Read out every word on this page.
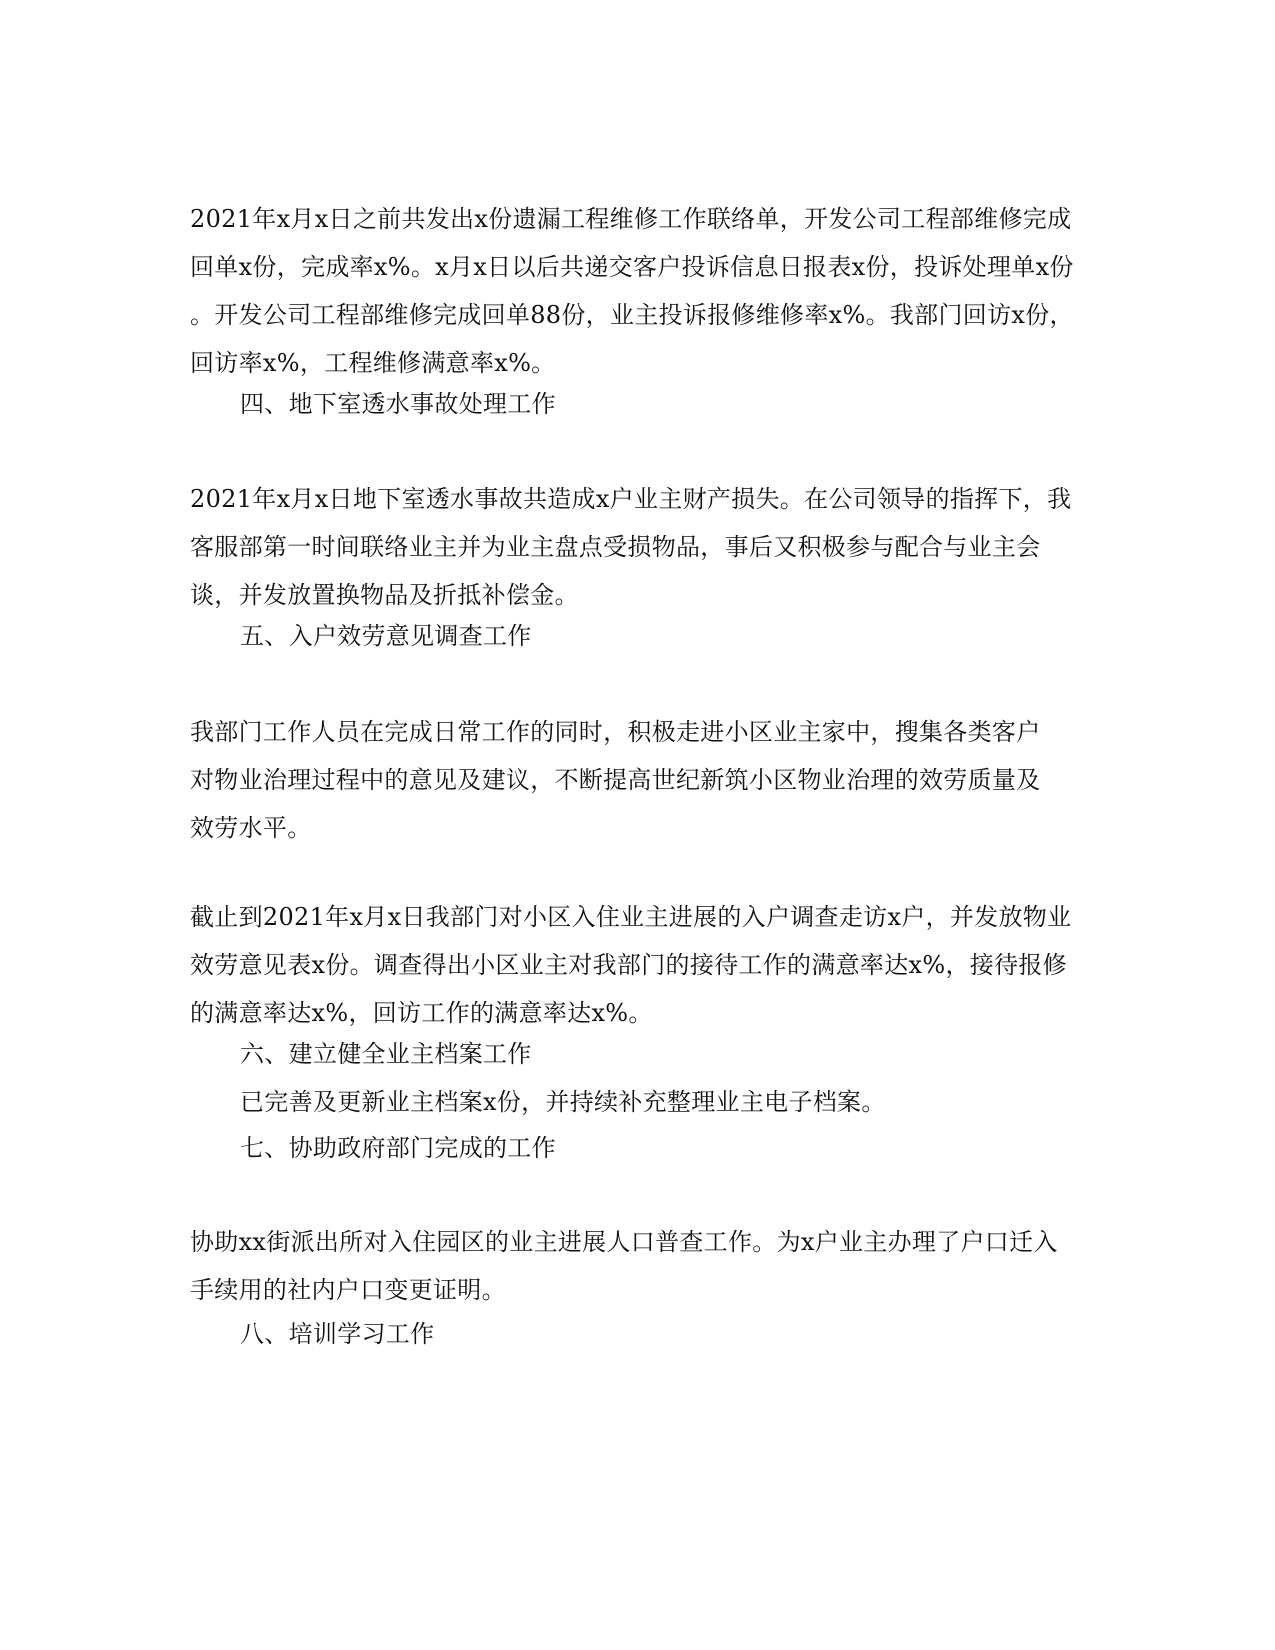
2021年x月x日之前共发出x份遗漏工程维修工作联络单，开发公司工程部维修完成
回单x份，完成率x%。x月x日以后共递交客户投诉信息日报表x份，投诉处理单x份
。开发公司工程部维修完成回单88份，业主投诉报修维修率x%。我部门回访x份，
回访率x%，工程维修满意率x%。

四、地下室透水事故处理工作

2021年x月x日地下室透水事故共造成x户业主财产损失。在公司领导的指挥下，我
客服部第一时间联络业主并为业主盘点受损物品，事后又积极参与配合与业主会
谈，并发放置换物品及折抵补偿金。

五、入户效劳意见调查工作

我部门工作人员在完成日常工作的同时，积极走进小区业主家中，搜集各类客户
对物业治理过程中的意见及建议，不断提高世纪新筑小区物业治理的效劳质量及
效劳水平。

截止到2021年x月x日我部门对小区入住业主进展的入户调查走访x户，并发放物业
效劳意见表x份。调查得出小区业主对我部门的接待工作的满意率达x%，接待报修
的满意率达x%，回访工作的满意率达x%。

六、建立健全业主档案工作

已完善及更新业主档案x份，并持续补充整理业主电子档案。

七、协助政府部门完成的工作

协助xx街派出所对入住园区的业主进展人口普查工作。为x户业主办理了户口迁入
手续用的社内户口变更证明。

八、培训学习工作
